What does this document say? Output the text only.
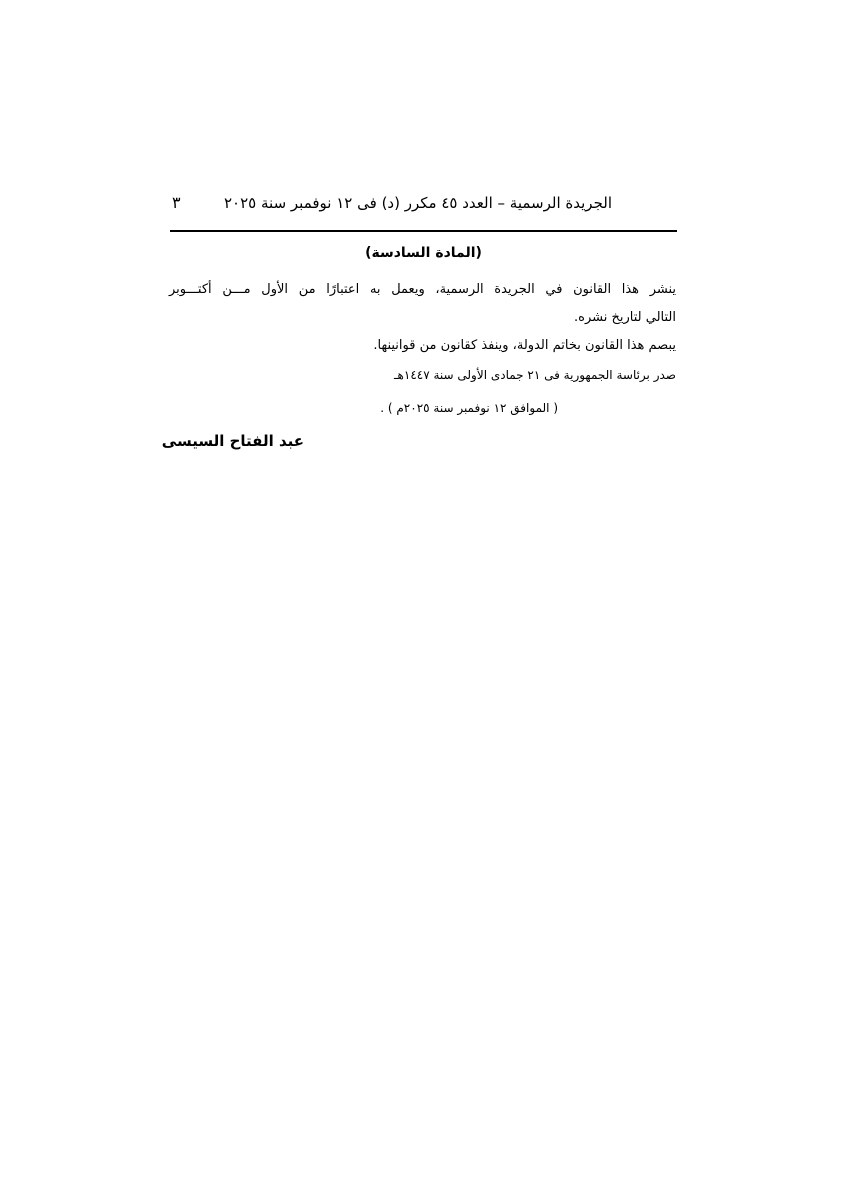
الجريدة الرسمية – العدد ٤٥ مكرر (د) فى ١٢ نوفمبر سنة ٢٠٢٥
٣
(المادة السادسة)
ينشر هذا القانون في الجريدة الرسمية، ويعمل به اعتبارًا من الأول مـــن أكتـــوبر
التالي لتاريخ نشره.
يبصم هذا القانون بخاتم الدولة، وينفذ كقانون من قوانينها.
صدر برئاسة الجمهورية فى ٢١ جمادى الأولى سنة ١٤٤٧هـ
( الموافق ١٢ نوفمبر سنة ٢٠٢٥م ) .
عبد الفتاح السيسى
